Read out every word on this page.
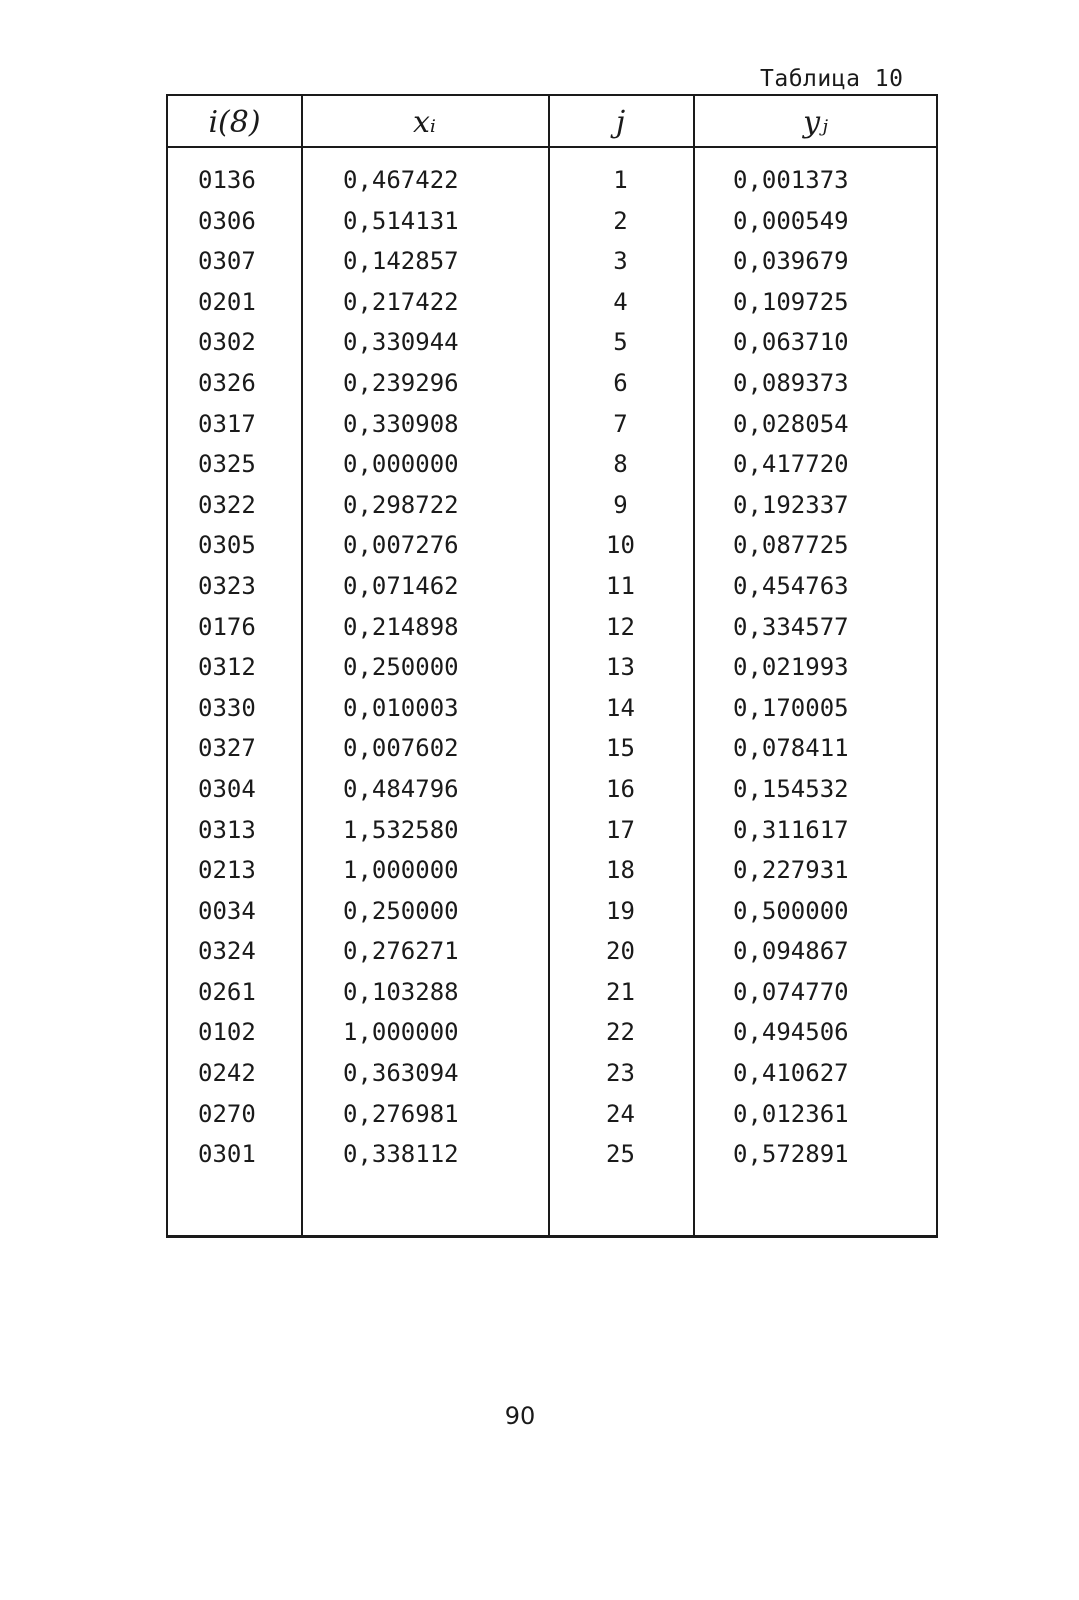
Таблица 10
i(8)	xᵢ	j	yⱼ
0136	0,467422	1	0,001373
0306	0,514131	2	0,000549
0307	0,142857	3	0,039679
0201	0,217422	4	0,109725
0302	0,330944	5	0,063710
0326	0,239296	6	0,089373
0317	0,330908	7	0,028054
0325	0,000000	8	0,417720
0322	0,298722	9	0,192337
0305	0,007276	10	0,087725
0323	0,071462	11	0,454763
0176	0,214898	12	0,334577
0312	0,250000	13	0,021993
0330	0,010003	14	0,170005
0327	0,007602	15	0,078411
0304	0,484796	16	0,154532
0313	1,532580	17	0,311617
0213	1,000000	18	0,227931
0034	0,250000	19	0,500000
0324	0,276271	20	0,094867
0261	0,103288	21	0,074770
0102	1,000000	22	0,494506
0242	0,363094	23	0,410627
0270	0,276981	24	0,012361
0301	0,338112	25	0,572891
90
